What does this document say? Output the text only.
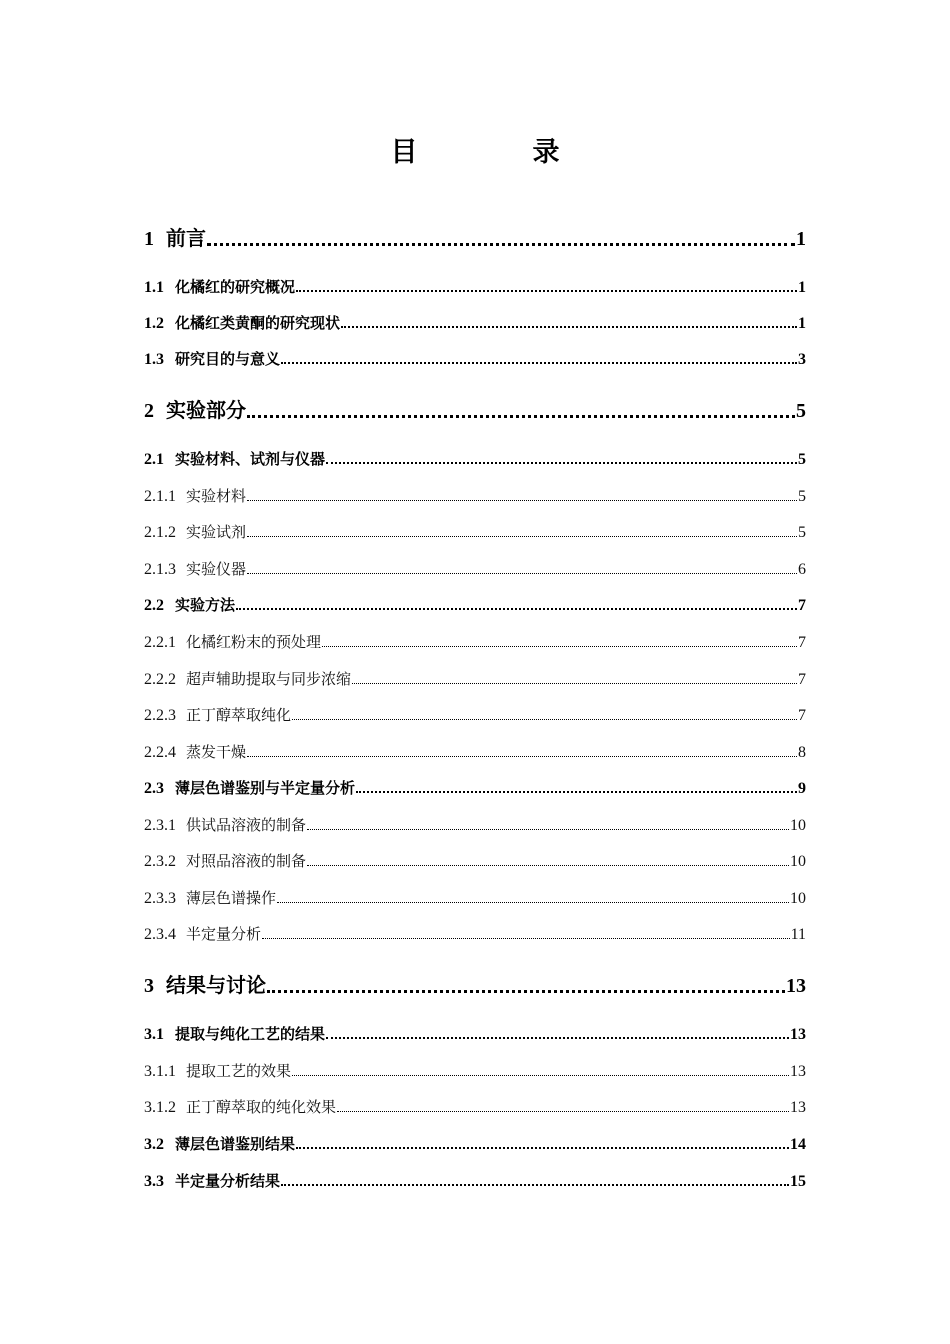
目　录
1 前言	1
1.1 化橘红的研究概况	1
1.2 化橘红类黄酮的研究现状	1
1.3 研究目的与意义	3
2 实验部分	5
2.1 实验材料、试剂与仪器	5
2.1.1 实验材料	5
2.1.2 实验试剂	5
2.1.3 实验仪器	6
2.2 实验方法	7
2.2.1 化橘红粉末的预处理	7
2.2.2 超声辅助提取与同步浓缩	7
2.2.3 正丁醇萃取纯化	7
2.2.4 蒸发干燥	8
2.3 薄层色谱鉴别与半定量分析	9
2.3.1 供试品溶液的制备	10
2.3.2 对照品溶液的制备	10
2.3.3 薄层色谱操作	10
2.3.4 半定量分析	11
3 结果与讨论	13
3.1 提取与纯化工艺的结果	13
3.1.1 提取工艺的效果	13
3.1.2 正丁醇萃取的纯化效果	13
3.2 薄层色谱鉴别结果	14
3.3 半定量分析结果	15
